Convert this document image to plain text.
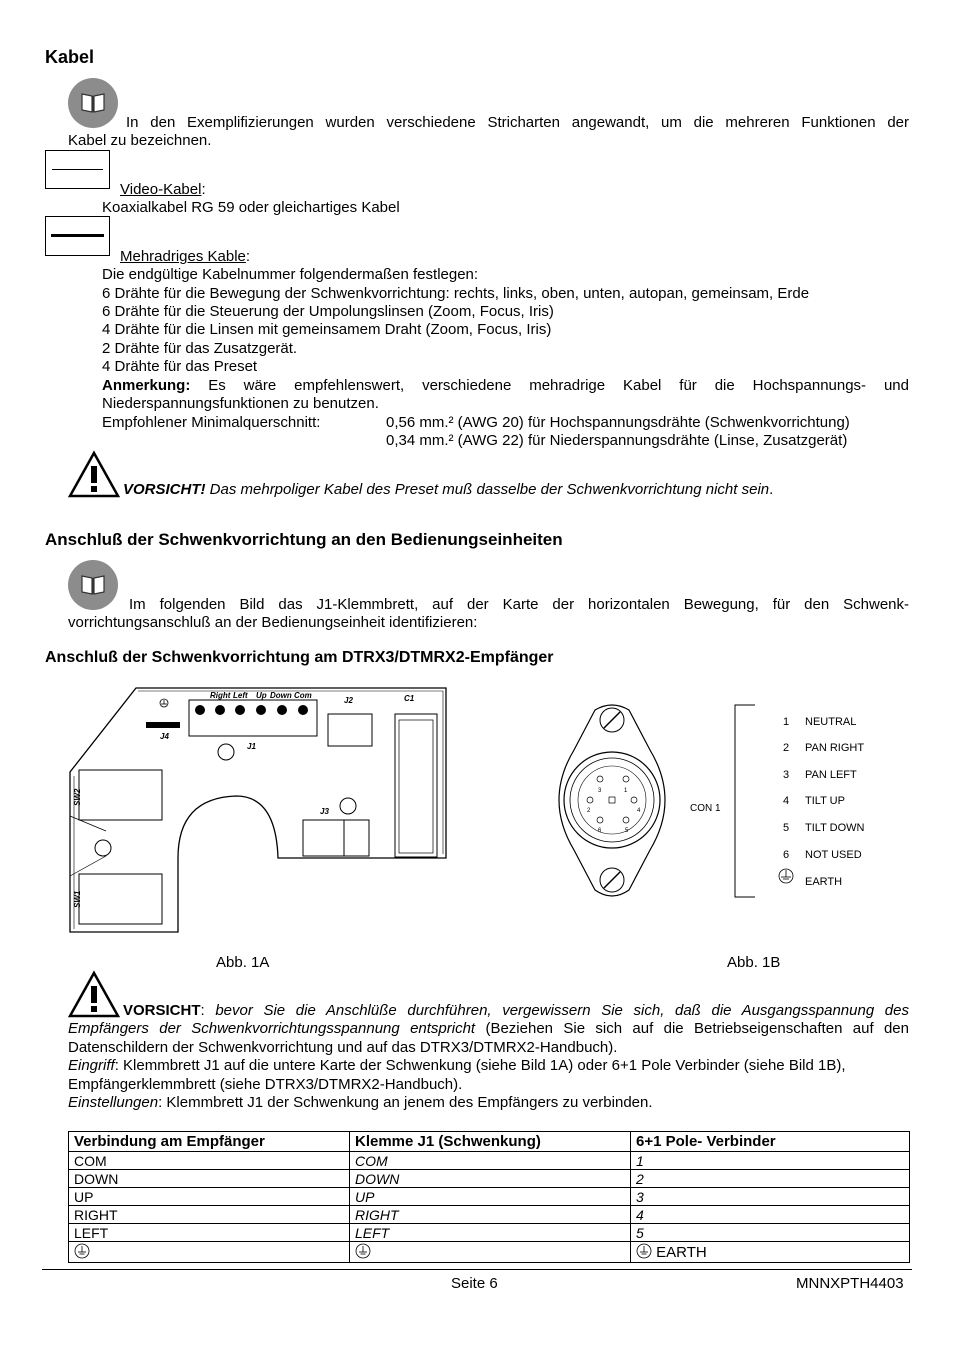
Kabel
In den Exemplifizierungen wurden verschiedene Stricharten angewandt, um die mehreren Funktionen der
Kabel zu bezeichnen.
Video-Kabel:
Koaxialkabel RG 59 oder gleichartiges Kabel
Mehradriges Kable:
Die endgültige Kabelnummer folgendermaßen festlegen:
6 Drähte für die Bewegung der Schwenkvorrichtung: rechts, links, oben, unten, autopan, gemeinsam, Erde
6 Drähte für die Steuerung der Umpolungslinsen (Zoom, Focus, Iris)
4 Drähte für die Linsen mit gemeinsamem Draht (Zoom, Focus, Iris)
2 Drähte für das Zusatzgerät.
4 Drähte für das Preset
Anmerkung: Es wäre empfehlenswert, verschiedene mehradrige Kabel für die Hochspannungs- und
Niederspannungsfunktionen zu benutzen.
Empfohlener Minimalquerschnitt:	0,56 mm.² (AWG 20) für Hochspannungsdrähte (Schwenkvorrichtung)
0,34 mm.² (AWG 22) für Niederspannungsdrähte (Linse, Zusatzgerät)
VORSICHT! Das mehrpoliger Kabel des Preset muß dasselbe der Schwenkvorrichtung nicht sein.
Anschluß der Schwenkvorrichtung an den Bedienungseinheiten
Im folgenden Bild das J1-Klemmbrett, auf der Karte der horizontalen Bewegung, für den Schwenk-
vorrichtungsanschluß an der Bedienungseinheit identifizieren:
Anschluß der Schwenkvorrichtung am DTRX3/DTMRX2-Empfänger
Right Left Up Down Com
J4
J1
J2	C1
J3
SW2
SW1
3	1
2	4
6	5
CON 1
1 NEUTRAL
2 PAN RIGHT
3 PAN LEFT
4 TILT UP
5 TILT DOWN
6 NOT USED
EARTH
Abb. 1A	Abb. 1B
VORSICHT: bevor Sie die Anschlüße durchführen, vergewissern Sie sich, daß die Ausgangsspannung des
Empfängers der Schwenkvorrichtungsspannung entspricht (Beziehen Sie sich auf die Betriebseigenschaften auf den
Datenschildern der Schwenkvorrichtung und auf das DTRX3/DTMRX2-Handbuch).
Eingriff: Klemmbrett J1 auf die untere Karte der Schwenkung (siehe Bild 1A) oder 6+1 Pole Verbinder (siehe Bild 1B),
Empfängerklemmbrett (siehe DTRX3/DTMRX2-Handbuch).
Einstellungen: Klemmbrett J1 der Schwenkung an jenem des Empfängers zu verbinden.
Verbindung am Empfänger	Klemme J1 (Schwenkung)	6+1 Pole- Verbinder
COM	COM	1
DOWN	DOWN	2
UP	UP	3
RIGHT	RIGHT	4
LEFT	LEFT	5
		EARTH
Seite 6	MNNXPTH4403
